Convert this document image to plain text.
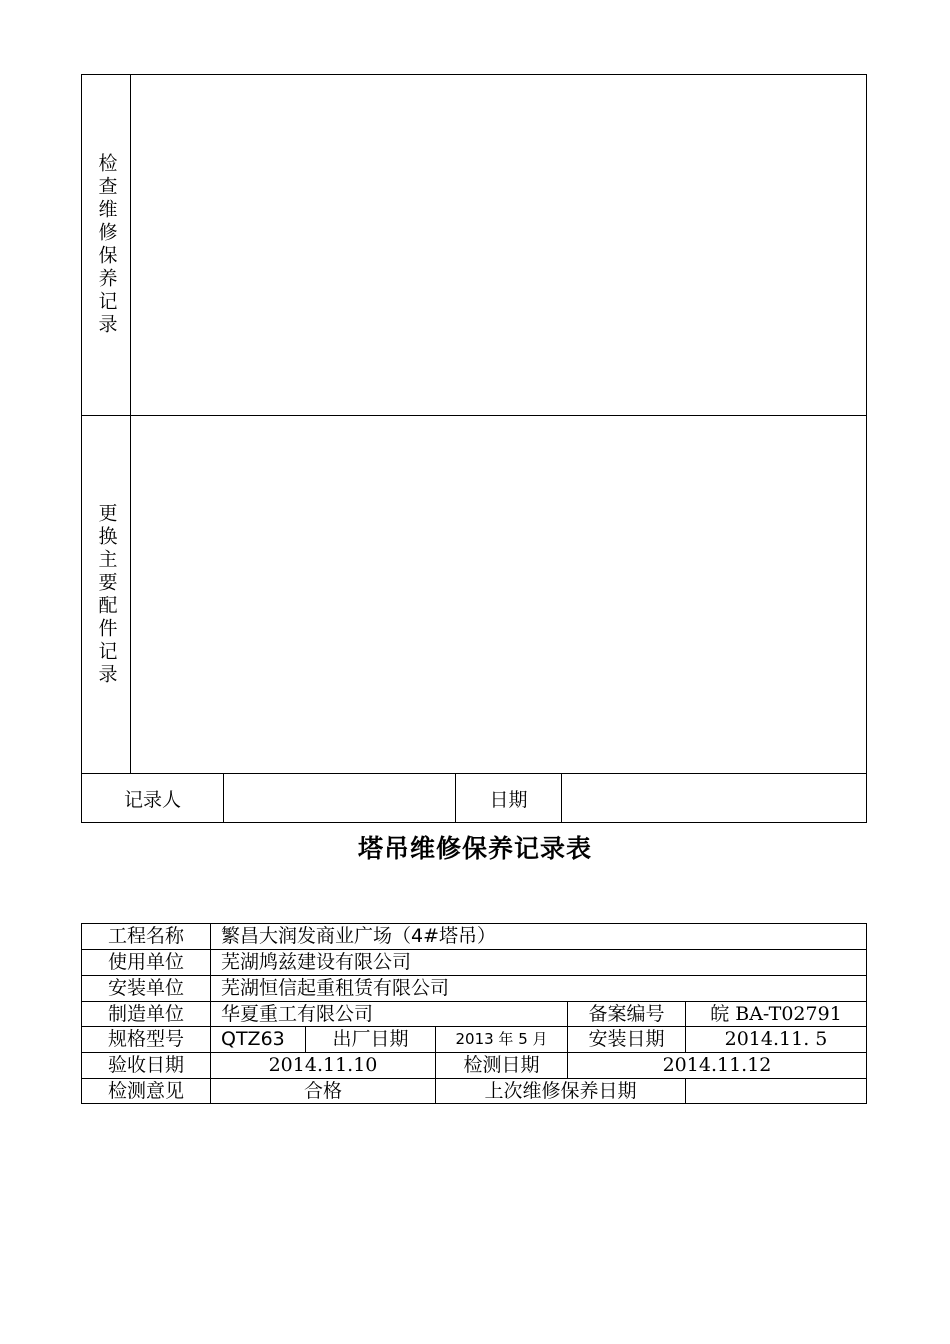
检查维修保养记录
更换主要配件记录
记录人	日期
塔吊维修保养记录表
工程名称	繁昌大润发商业广场（4#塔吊）
使用单位	芜湖鸠兹建设有限公司
安装单位	芜湖恒信起重租赁有限公司
制造单位	华夏重工有限公司	备案编号	皖 BA-T02791
规格型号	QTZ63	出厂日期	2013 年 5 月	安装日期	2014.11. 5
验收日期	2014.11.10	检测日期	2014.11.12
检测意见	合格	上次维修保养日期
